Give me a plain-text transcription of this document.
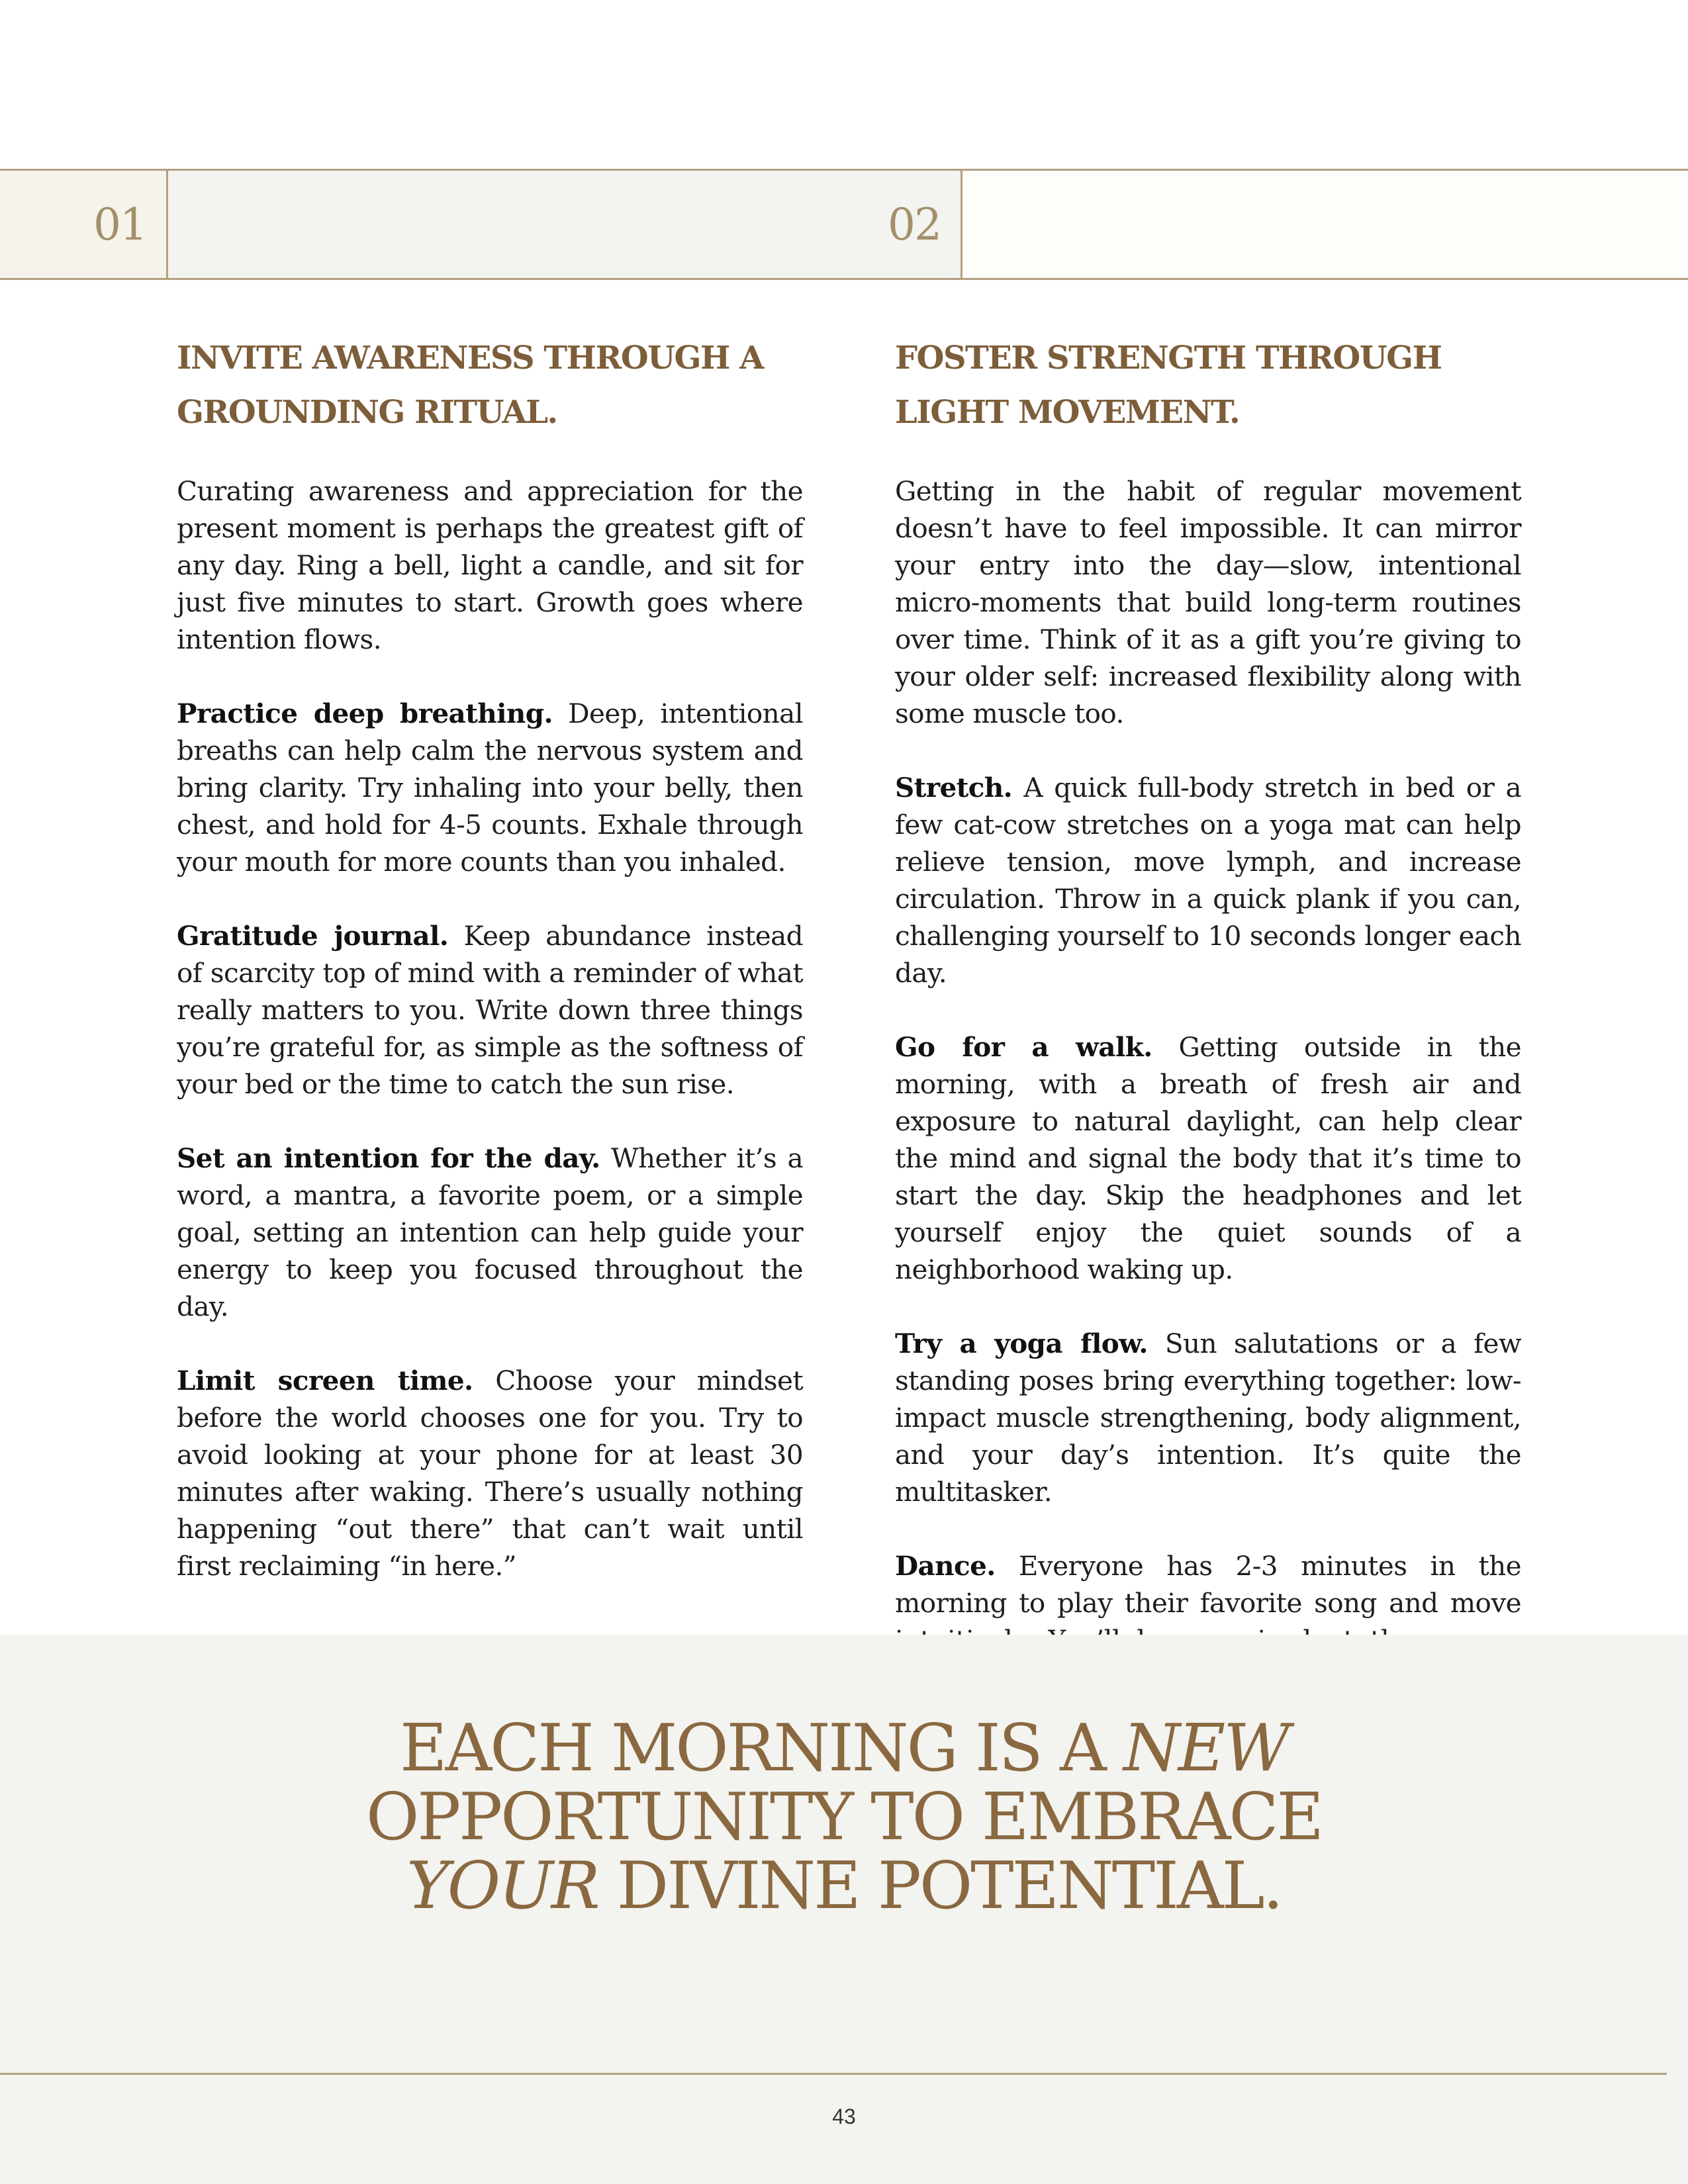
01	02
INVITE AWARENESS THROUGH A
GROUNDING RITUAL.

Curating awareness and appreciation for the present moment is perhaps the greatest gift of any day. Ring a bell, light a candle, and sit for just five minutes to start. Growth goes where intention flows.

Practice deep breathing. Deep, intentional breaths can help calm the nervous system and bring clarity. Try inhaling into your belly, then chest, and hold for 4-5 counts. Exhale through your mouth for more counts than you inhaled.

Gratitude journal. Keep abundance instead of scarcity top of mind with a reminder of what really matters to you. Write down three things you’re grateful for, as simple as the softness of your bed or the time to catch the sun rise.

Set an intention for the day. Whether it’s a word, a mantra, a favorite poem, or a simple goal, setting an intention can help guide your energy to keep you focused throughout the day.

Limit screen time. Choose your mindset before the world chooses one for you. Try to avoid looking at your phone for at least 30 minutes after waking. There’s usually nothing happening “out there” that can’t wait until first reclaiming “in here.”

FOSTER STRENGTH THROUGH
LIGHT MOVEMENT.

Getting in the habit of regular movement doesn’t have to feel impossible. It can mirror your entry into the day—slow, intentional micro-moments that build long-term routines over time. Think of it as a gift you’re giving to your older self: increased flexibility along with some muscle too.

Stretch. A quick full-body stretch in bed or a few cat-cow stretches on a yoga mat can help relieve tension, move lymph, and increase circulation. Throw in a quick plank if you can, challenging yourself to 10 seconds longer each day.

Go for a walk. Getting outside in the morning, with a breath of fresh air and exposure to natural daylight, can help clear the mind and signal the body that it’s time to start the day. Skip the headphones and let yourself enjoy the quiet sounds of a neighborhood waking up.

Try a yoga flow. Sun salutations or a few standing poses bring everything together: low-impact muscle strengthening, body alignment, and your day’s intention. It’s quite the multitasker.

Dance. Everyone has 2-3 minutes in the morning to play their favorite song and move

EACH MORNING IS A NEW
OPPORTUNITY TO EMBRACE
YOUR DIVINE POTENTIAL.
43
